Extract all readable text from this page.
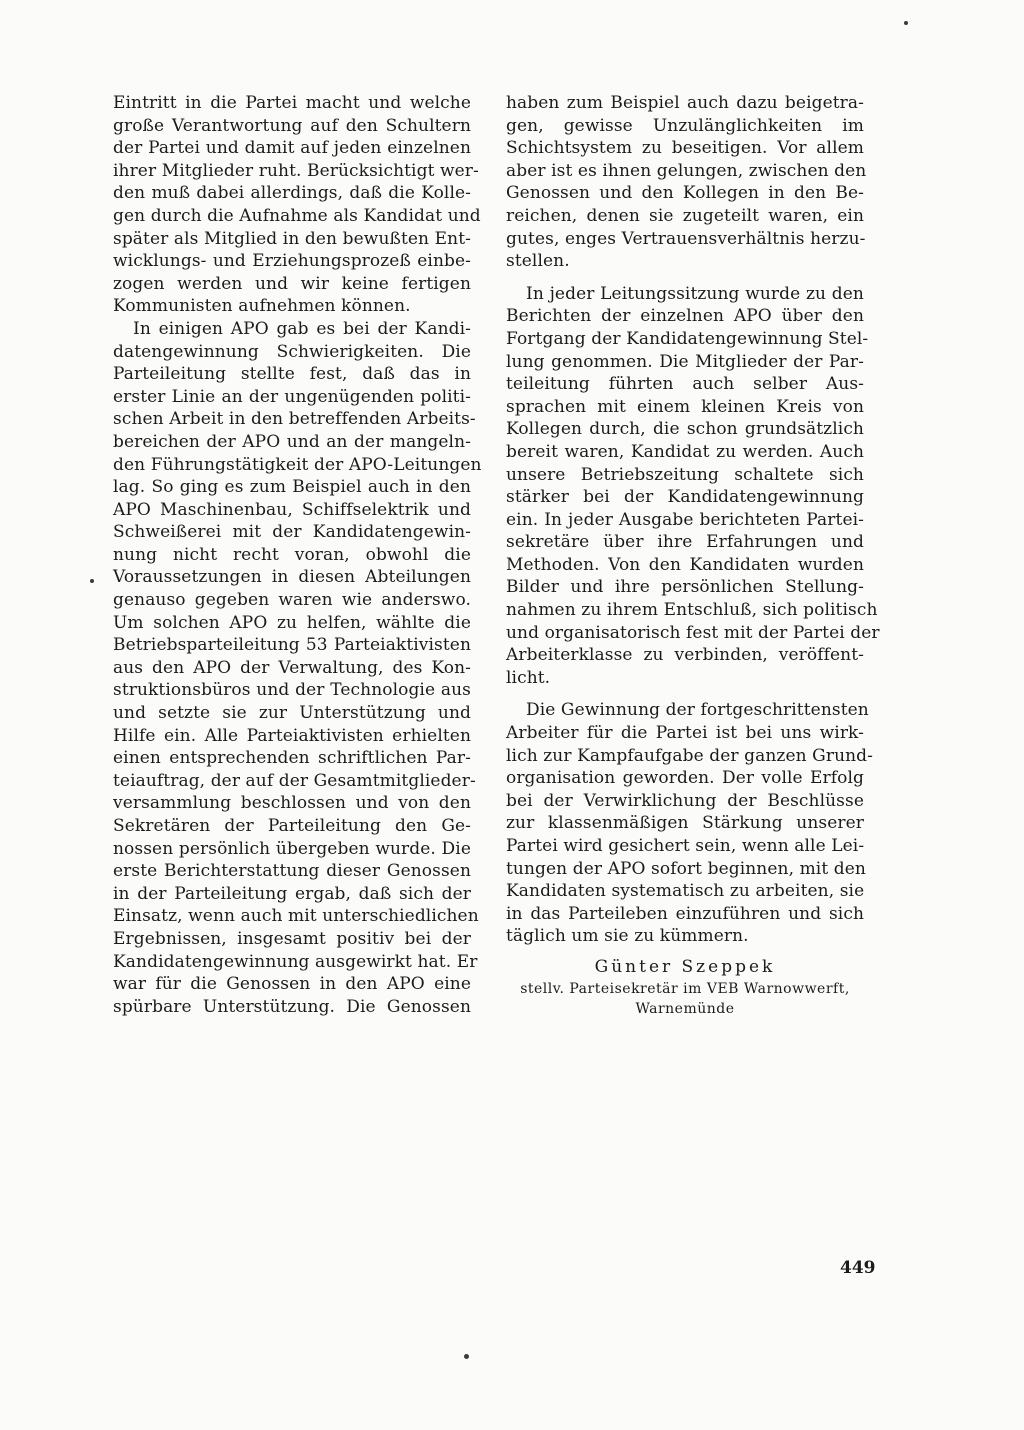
Eintritt in die Partei macht und welche
große Verantwortung auf den Schultern
der Partei und damit auf jeden einzelnen
ihrer Mitglieder ruht. Berücksichtigt wer-
den muß dabei allerdings, daß die Kolle-
gen durch die Aufnahme als Kandidat und
später als Mitglied in den bewußten Ent-
wicklungs- und Erziehungsprozeß einbe-
zogen werden und wir keine fertigen
Kommunisten aufnehmen können.
In einigen APO gab es bei der Kandi-
datengewinnung Schwierigkeiten. Die
Parteileitung stellte fest, daß das in
erster Linie an der ungenügenden politi-
schen Arbeit in den betreffenden Arbeits-
bereichen der APO und an der mangeln-
den Führungstätigkeit der APO-Leitungen
lag. So ging es zum Beispiel auch in den
APO Maschinenbau, Schiffselektrik und
Schweißerei mit der Kandidatengewin-
nung nicht recht voran, obwohl die
Voraussetzungen in diesen Abteilungen
genauso gegeben waren wie anderswo.
Um solchen APO zu helfen, wählte die
Betriebsparteileitung 53 Parteiaktivisten
aus den APO der Verwaltung, des Kon-
struktionsbüros und der Technologie aus
und setzte sie zur Unterstützung und
Hilfe ein. Alle Parteiaktivisten erhielten
einen entsprechenden schriftlichen Par-
teiauftrag, der auf der Gesamtmitglieder-
versammlung beschlossen und von den
Sekretären der Parteileitung den Ge-
nossen persönlich übergeben wurde. Die
erste Berichterstattung dieser Genossen
in der Parteileitung ergab, daß sich der
Einsatz, wenn auch mit unterschiedlichen
Ergebnissen, insgesamt positiv bei der
Kandidatengewinnung ausgewirkt hat. Er
war für die Genossen in den APO eine
spürbare Unterstützung. Die Genossen
haben zum Beispiel auch dazu beigetra-
gen, gewisse Unzulänglichkeiten im
Schichtsystem zu beseitigen. Vor allem
aber ist es ihnen gelungen, zwischen den
Genossen und den Kollegen in den Be-
reichen, denen sie zugeteilt waren, ein
gutes, enges Vertrauensverhältnis herzu-
stellen.
In jeder Leitungssitzung wurde zu den
Berichten der einzelnen APO über den
Fortgang der Kandidatengewinnung Stel-
lung genommen. Die Mitglieder der Par-
teileitung führten auch selber Aus-
sprachen mit einem kleinen Kreis von
Kollegen durch, die schon grundsätzlich
bereit waren, Kandidat zu werden. Auch
unsere Betriebszeitung schaltete sich
stärker bei der Kandidatengewinnung
ein. In jeder Ausgabe berichteten Partei-
sekretäre über ihre Erfahrungen und
Methoden. Von den Kandidaten wurden
Bilder und ihre persönlichen Stellung-
nahmen zu ihrem Entschluß, sich politisch
und organisatorisch fest mit der Partei der
Arbeiterklasse zu verbinden, veröffent-
licht.
Die Gewinnung der fortgeschrittensten
Arbeiter für die Partei ist bei uns wirk-
lich zur Kampfaufgabe der ganzen Grund-
organisation geworden. Der volle Erfolg
bei der Verwirklichung der Beschlüsse
zur klassenmäßigen Stärkung unserer
Partei wird gesichert sein, wenn alle Lei-
tungen der APO sofort beginnen, mit den
Kandidaten systematisch zu arbeiten, sie
in das Parteileben einzuführen und sich
täglich um sie zu kümmern.
Günter Szeppek
stellv. Parteisekretär im VEB Warnowwerft,
Warnemünde
449
